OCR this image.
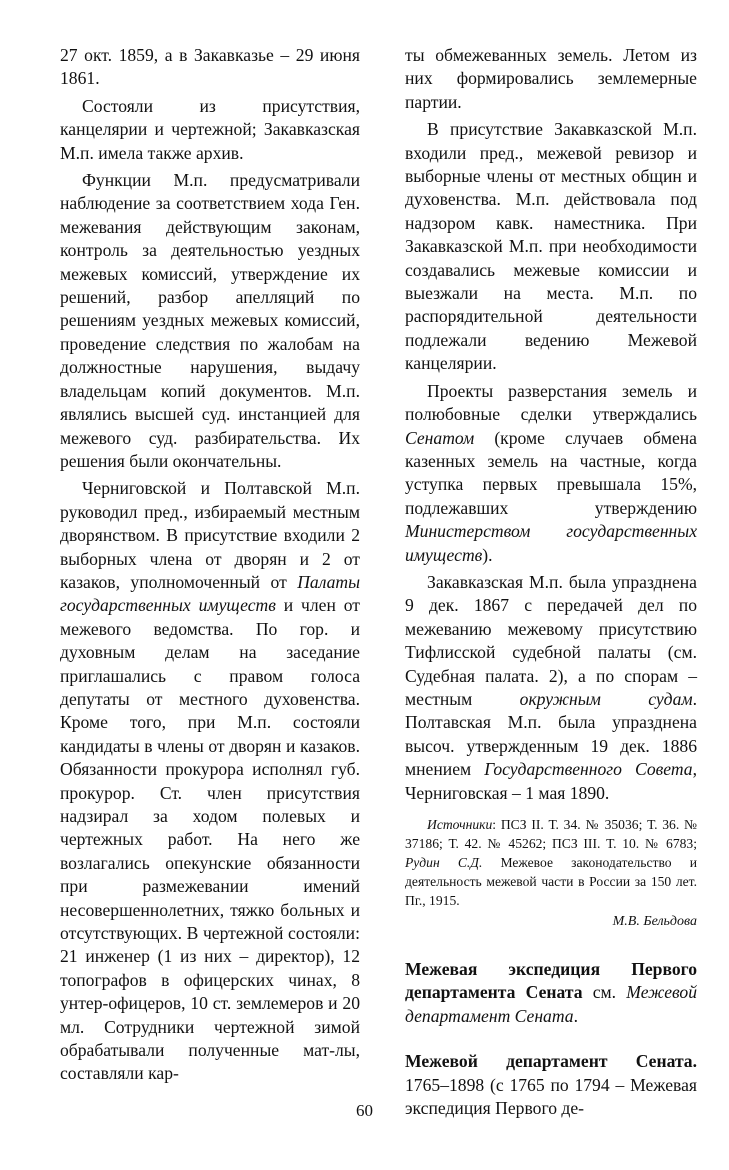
27 окт. 1859, а в Закавказье – 29 июня 1861.

Состояли из присутствия, канцелярии и чертежной; Закавказская М.п. имела также архив.

Функции М.п. предусматривали наблюдение за соответствием хода Ген. межевания действующим законам, контроль за деятельностью уездных межевых комиссий, утверждение их решений, разбор апелляций по решениям уездных межевых комиссий, проведение следствия по жалобам на должностные нарушения, выдачу владельцам копий документов. М.п. являлись высшей суд. инстанцией для межевого суд. разбирательства. Их решения были окончательны.

Черниговской и Полтавской М.п. руководил пред., избираемый местным дворянством. В присутствие входили 2 выборных члена от дворян и 2 от казаков, уполномоченный от Палаты государственных имуществ и член от межевого ведомства. По гор. и духовным делам на заседание приглашались с правом голоса депутаты от местного духовенства. Кроме того, при М.п. состояли кандидаты в члены от дворян и казаков. Обязанности прокурора исполнял губ. прокурор. Ст. член присутствия надзирал за ходом полевых и чертежных работ. На него же возлагались опекунские обязанности при размежевании имений несовершеннолетних, тяжко больных и отсутствующих. В чертежной состояли: 21 инженер (1 из них – директор), 12 топографов в офицерских чинах, 8 унтер-офицеров, 10 ст. землемеров и 20 мл. Сотрудники чертежной зимой обрабатывали полученные мат-лы, составляли кар-

ты обмежеванных земель. Летом из них формировались землемерные партии.

В присутствие Закавказской М.п. входили пред., межевой ревизор и выборные члены от местных общин и духовенства. М.п. действовала под надзором кавк. наместника. При Закавказской М.п. при необходимости создавались межевые комиссии и выезжали на места. М.п. по распорядительной деятельности подлежали ведению Межевой канцелярии.

Проекты разверстания земель и полюбовные сделки утверждались Сенатом (кроме случаев обмена казенных земель на частные, когда уступка первых превышала 15%, подлежавших утверждению Министерством государственных имуществ).

Закавказская М.п. была упразднена 9 дек. 1867 с передачей дел по межеванию межевому присутствию Тифлисской судебной палаты (см. Судебная палата. 2), а по спорам – местным окружным судам. Полтавская М.п. была упразднена высоч. утвержденным 19 дек. 1886 мнением Государственного Совета, Черниговская – 1 мая 1890.

Источники: ПСЗ II. Т. 34. № 35036; Т. 36. № 37186; Т. 42. № 45262; ПСЗ III. Т. 10. № 6783; Рудин С.Д. Межевое законодательство и деятельность межевой части в России за 150 лет. Пг., 1915.

М.В. Бельдова

Межевая экспедиция Первого департамента Сената см. Межевой департамент Сената.

Межевой департамент Сената. 1765–1898 (с 1765 по 1794 – Межевая экспедиция Первого де-

60
